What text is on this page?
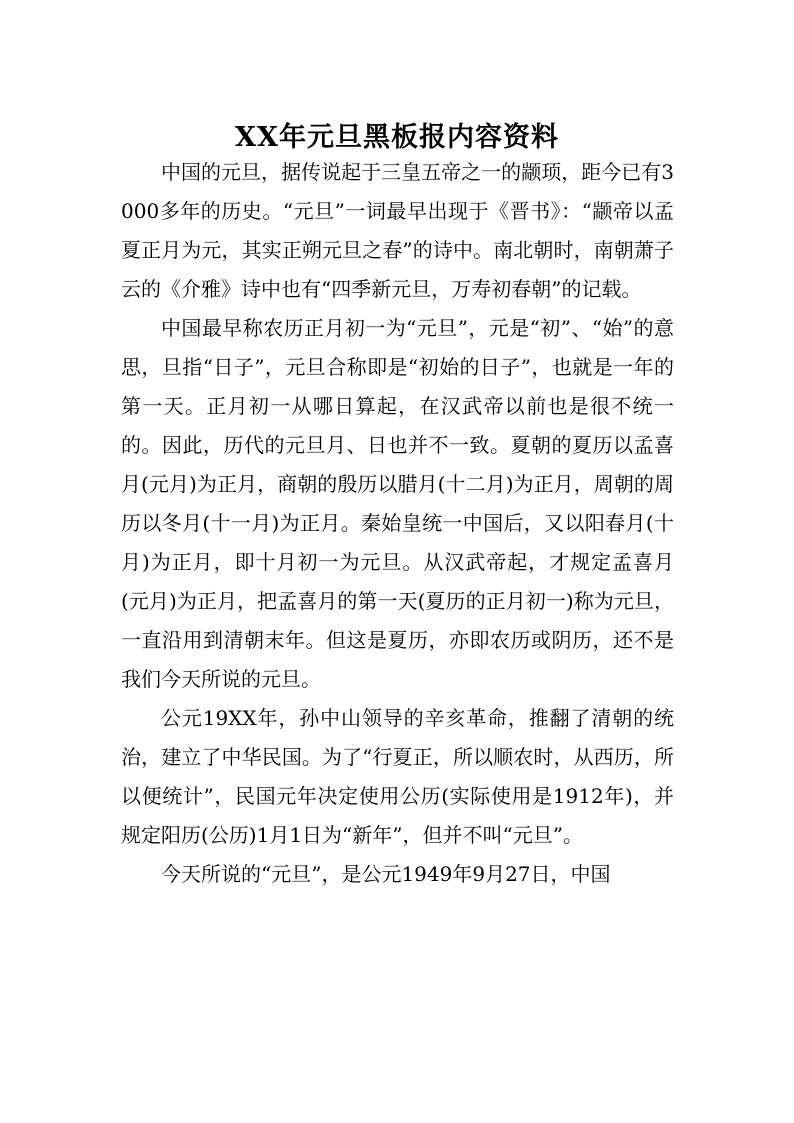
XX年元旦黑板报内容资料

中国的元旦，据传说起于三皇五帝之一的颛顼，距今已有3000多年的历史。“元旦”一词最早出现于《晋书》：“颛帝以孟夏正月为元，其实正朔元旦之春”的诗中。南北朝时，南朝萧子云的《介雅》诗中也有“四季新元旦，万寿初春朝”的记载。

中国最早称农历正月初一为“元旦”，元是“初”、“始”的意思，旦指“日子”，元旦合称即是“初始的日子”，也就是一年的第一天。正月初一从哪日算起，在汉武帝以前也是很不统一的。因此，历代的元旦月、日也并不一致。夏朝的夏历以孟喜月(元月)为正月，商朝的殷历以腊月(十二月)为正月，周朝的周历以冬月(十一月)为正月。秦始皇统一中国后，又以阳春月(十月)为正月，即十月初一为元旦。从汉武帝起，才规定孟喜月(元月)为正月，把孟喜月的第一天(夏历的正月初一)称为元旦，一直沿用到清朝末年。但这是夏历，亦即农历或阴历，还不是我们今天所说的元旦。

公元19XX年，孙中山领导的辛亥革命，推翻了清朝的统治，建立了中华民国。为了“行夏正，所以顺农时，从西历，所以便统计”，民国元年决定使用公历(实际使用是1912年)，并规定阳历(公历)1月1日为“新年”，但并不叫“元旦”。

今天所说的“元旦”，是公元1949年9月27日，中国
